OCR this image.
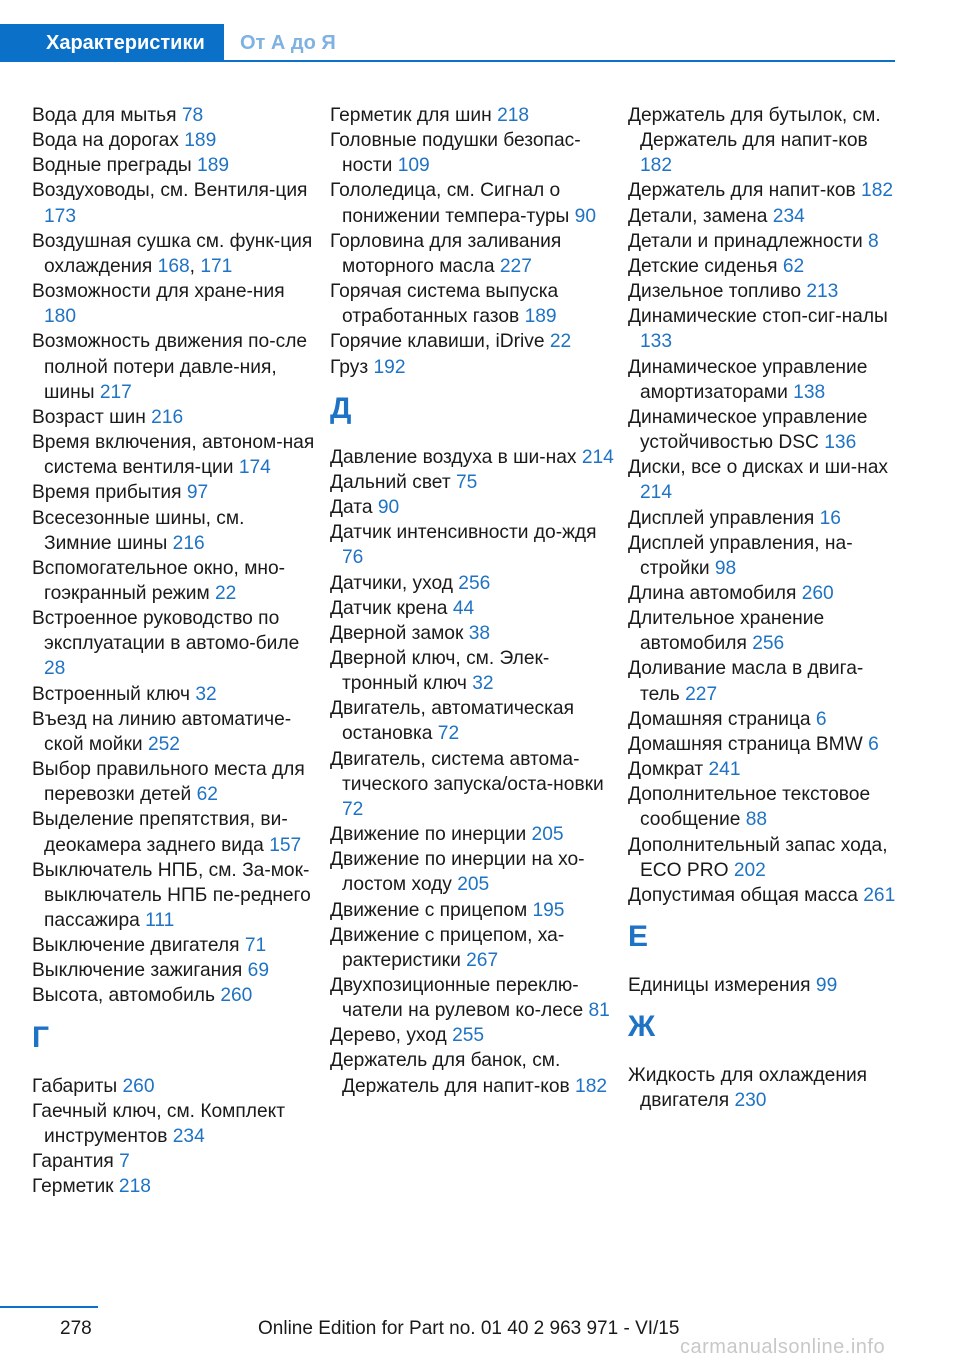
Характеристики	От А до Я
Вода для мытья 78
Вода на дорогах 189
Водные преграды 189
Воздуховоды, см. Вентиля-ция 173
Воздушная сушка см. функ-ция охлаждения 168, 171
Возможности для хране-ния 180
Возможность движения по-сле полной потери давле-ния, шины 217
Возраст шин 216
Время включения, автоном-ная система вентиля-ции 174
Время прибытия 97
Всесезонные шины, см. Зимние шины 216
Вспомогательное окно, мно-гоэкранный режим 22
Встроенное руководство по эксплуатации в автомо-биле 28
Встроенный ключ 32
Въезд на линию автоматиче-ской мойки 252
Выбор правильного места для перевозки детей 62
Выделение препятствия, ви-деокамера заднего вида 157
Выключатель НПБ, см. За-мок-выключатель НПБ пе-реднего пассажира 111
Выключение двигателя 71
Выключение зажигания 69
Высота, автомобиль 260
Г
Габариты 260
Гаечный ключ, см. Комплект инструментов 234
Гарантия 7
Герметик 218
Герметик для шин 218
Головные подушки безопас-ности 109
Гололедица, см. Сигнал о понижении темпера-туры 90
Горловина для заливания моторного масла 227
Горячая система выпуска отработанных газов 189
Горячие клавиши, iDrive 22
Груз 192
Д
Давление воздуха в ши-нах 214
Дальний свет 75
Дата 90
Датчик интенсивности до-ждя 76
Датчики, уход 256
Датчик крена 44
Дверной замок 38
Дверной ключ, см. Элек-тронный ключ 32
Двигатель, автоматическая остановка 72
Двигатель, система автома-тического запуска/оста-новки 72
Движение по инерции 205
Движение по инерции на хо-лостом ходу 205
Движение с прицепом 195
Движение с прицепом, ха-рактеристики 267
Двухпозиционные переклю-чатели на рулевом ко-лесе 81
Дерево, уход 255
Держатель для банок, см. Держатель для напит-ков 182
Держатель для бутылок, см. Держатель для напит-ков 182
Держатель для напит-ков 182
Детали, замена 234
Детали и принадлежности 8
Детские сиденья 62
Дизельное топливо 213
Динамические стоп-сиг-налы 133
Динамическое управление амортизаторами 138
Динамическое управление устойчивостью DSC 136
Диски, все о дисках и ши-нах 214
Дисплей управления 16
Дисплей управления, на-стройки 98
Длина автомобиля 260
Длительное хранение автомобиля 256
Доливание масла в двига-тель 227
Домашняя страница 6
Домашняя страница BMW 6
Домкрат 241
Дополнительное текстовое сообщение 88
Дополнительный запас хода, ECO PRO 202
Допустимая общая масса 261
Е
Единицы измерения 99
Ж
Жидкость для охлаждения двигателя 230
278	Online Edition for Part no. 01 40 2 963 971 - VI/15
carmanualsonline.info
